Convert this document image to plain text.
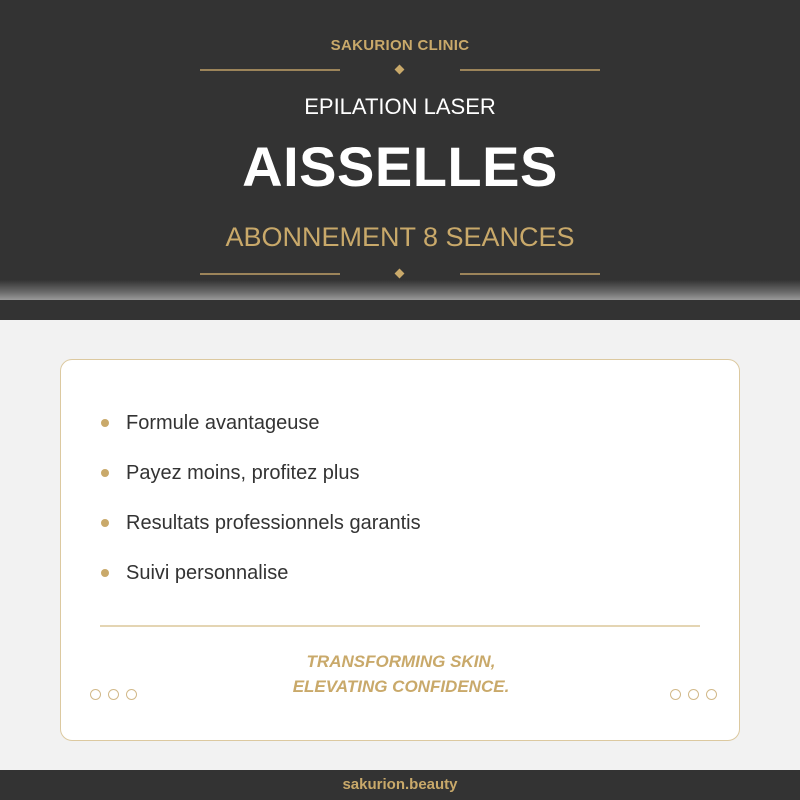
SAKURION CLINIC
EPILATION LASER
AISSELLES
ABONNEMENT 8 SEANCES
Formule avantageuse
Payez moins, profitez plus
Resultats professionnels garantis
Suivi personnalise
TRANSFORMING SKIN,
ELEVATING CONFIDENCE.
sakurion.beauty
